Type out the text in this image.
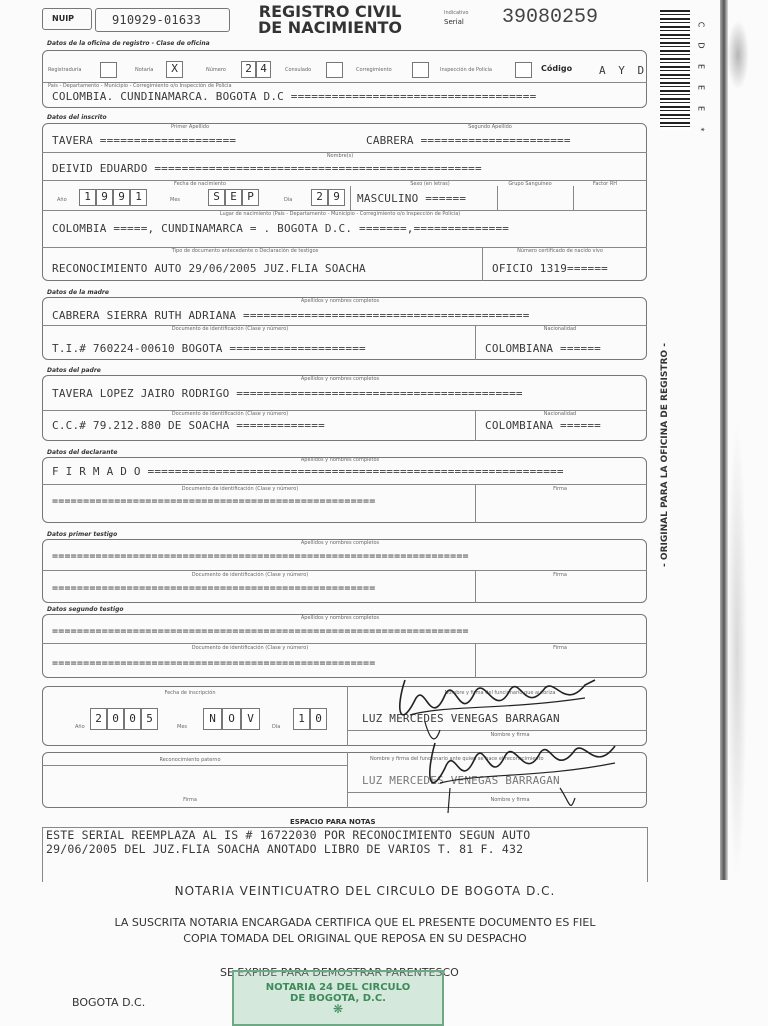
NUIP	910929-01633	REGISTRO CIVIL
DE NACIMIENTO
Indicativo
Serial 39080259	C
D
E
E
E
*
Datos de la oficina de registro - Clase de oficina
Registraduría	Notaría	X	Número	2 4	Consulado	Corregimiento	Inspección de Policía	Código A Y D
País - Departamento - Municipio - Corregimiento o/o Inspección de Policía
COLOMBIA. CUNDINAMARCA. BOGOTA D.C ====================================
Datos del inscrito
Primer Apellido	Segundo Apellido
TAVERA ====================	CABRERA ======================
Nombre(s)
DEIVID EDUARDO ================================================
Fecha de nacimiento	Sexo (en letras)	Grupo Sanguíneo	Factor RH
Año	1 9 9 1	Mes	S E P	Día	2 9	MASCULINO ======
Lugar de nacimiento (País - Departamento - Municipio - Corregimiento o/o Inspección de Policía)
COLOMBIA =====, CUNDINAMARCA = . BOGOTA D.C. =======,==============
Tipo de documento antecedente o Declaración de testigos	Número certificado de nacido vivo
RECONOCIMIENTO AUTO 29/06/2005 JUZ.FLIA SOACHA	OFICIO 1319======
Datos de la madre
Apellidos y nombres completos
CABRERA SIERRA RUTH ADRIANA ==========================================
Documento de identificación (Clase y número)	Nacionalidad
T.I.# 760224-00610 BOGOTA ====================	COLOMBIANA ======
Datos del padre
Apellidos y nombres completos
TAVERA LOPEZ JAIRO RODRIGO ==========================================
Documento de identificación (Clase y número)	Nacionalidad
C.C.# 79.212.880 DE SOACHA =============	COLOMBIANA ======
Datos del declarante
Apellidos y nombres completos
F I R M A D O =============================================================
Documento de identificación (Clase y número)	Firma
====================================================
Datos primer testigo
Apellidos y nombres completos
===================================================================
Documento de identificación (Clase y número)	Firma
====================================================
Datos segundo testigo
Apellidos y nombres completos
===================================================================
Documento de identificación (Clase y número)	Firma
====================================================
Fecha de inscripción
Año
2 0 0 5
Mes
N	O	V
Día
1 0
Nombre y firma del funcionario que autoriza
LUZ MERCEDES VENEGAS BARRAGAN
Nombre y firma
Reconocimiento paterno
Firma
Nombre y firma del funcionario ante quien se hace el reconocimiento
LUZ MERCEDES VENEGAS BARRAGAN
Nombre y firma
ESPACIO PARA NOTAS
ESTE SERIAL REEMPLAZA AL IS # 16722030 POR RECONOCIMIENTO SEGUN AUTO
29/06/2005 DEL JUZ.FLIA SOACHA ANOTADO LIBRO DE VARIOS T. 81 F. 432
- ORIGINAL PARA LA OFICINA DE REGISTRO -
NOTARIA VEINTICUATRO DEL CIRCULO DE BOGOTA D.C.
LA SUSCRITA NOTARIA ENCARGADA CERTIFICA QUE EL PRESENTE DOCUMENTO ES FIEL
COPIA TOMADA DEL ORIGINAL QUE REPOSA EN SU DESPACHO
SE EXPIDE PARA DEMOSTRAR PARENTESCO
BOGOTA D.C.
NOTARIA 24 DEL CIRCULO
DE BOGOTA, D.C.
❋
